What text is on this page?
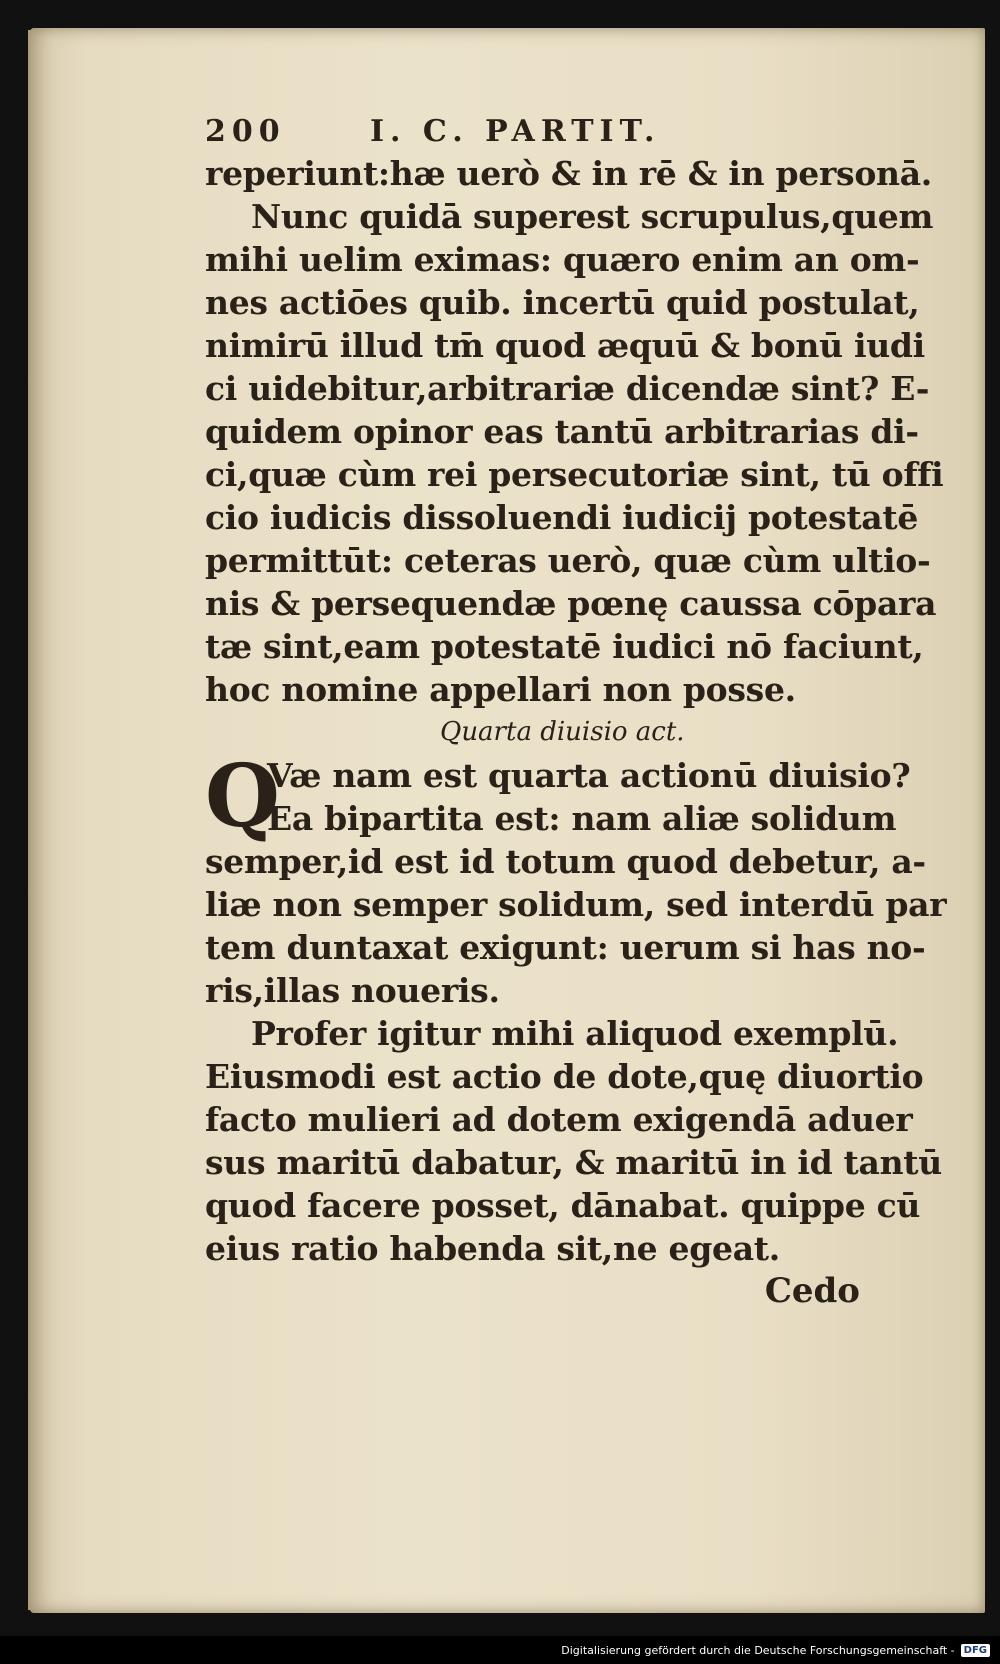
200	I. C. PARTIT.
reperiunt:hæ uerò & in rē & in personā.
Nunc quidā superest scrupulus,quem
mihi uelim eximas: quæro enim an om-
nes actiōes quib. incertū quid postulat,
nimirū illud tm̄ quod æquū & bonū iudi
ci uidebitur,arbitrariæ dicendæ sint? E-
quidem opinor eas tantū arbitrarias di-
ci,quæ cùm rei persecutoriæ sint, tū offi
cio iudicis dissoluendi iudicij potestatē
permittūt: ceteras uerò, quæ cùm ultio-
nis & persequendæ pœnę caussa cōpara
tæ sint,eam potestatē iudici nō faciunt,
hoc nomine appellari non posse.
Quarta diuisio act.
Q
Væ nam est quarta actionū diuisio?
Ea bipartita est: nam aliæ solidum
semper,id est id totum quod debetur, a-
liæ non semper solidum, sed interdū par
tem duntaxat exigunt: uerum si has no-
ris,illas noueris.
Profer igitur mihi aliquod exemplū.
Eiusmodi est actio de dote,quę diuortio
facto mulieri ad dotem exigendā aduer
sus maritū dabatur, & maritū in id tantū
quod facere posset, dānabat. quippe cū
eius ratio habenda sit,ne egeat.
Cedo
Digitalisierung gefördert durch die Deutsche Forschungsgemeinschaft - DFG
